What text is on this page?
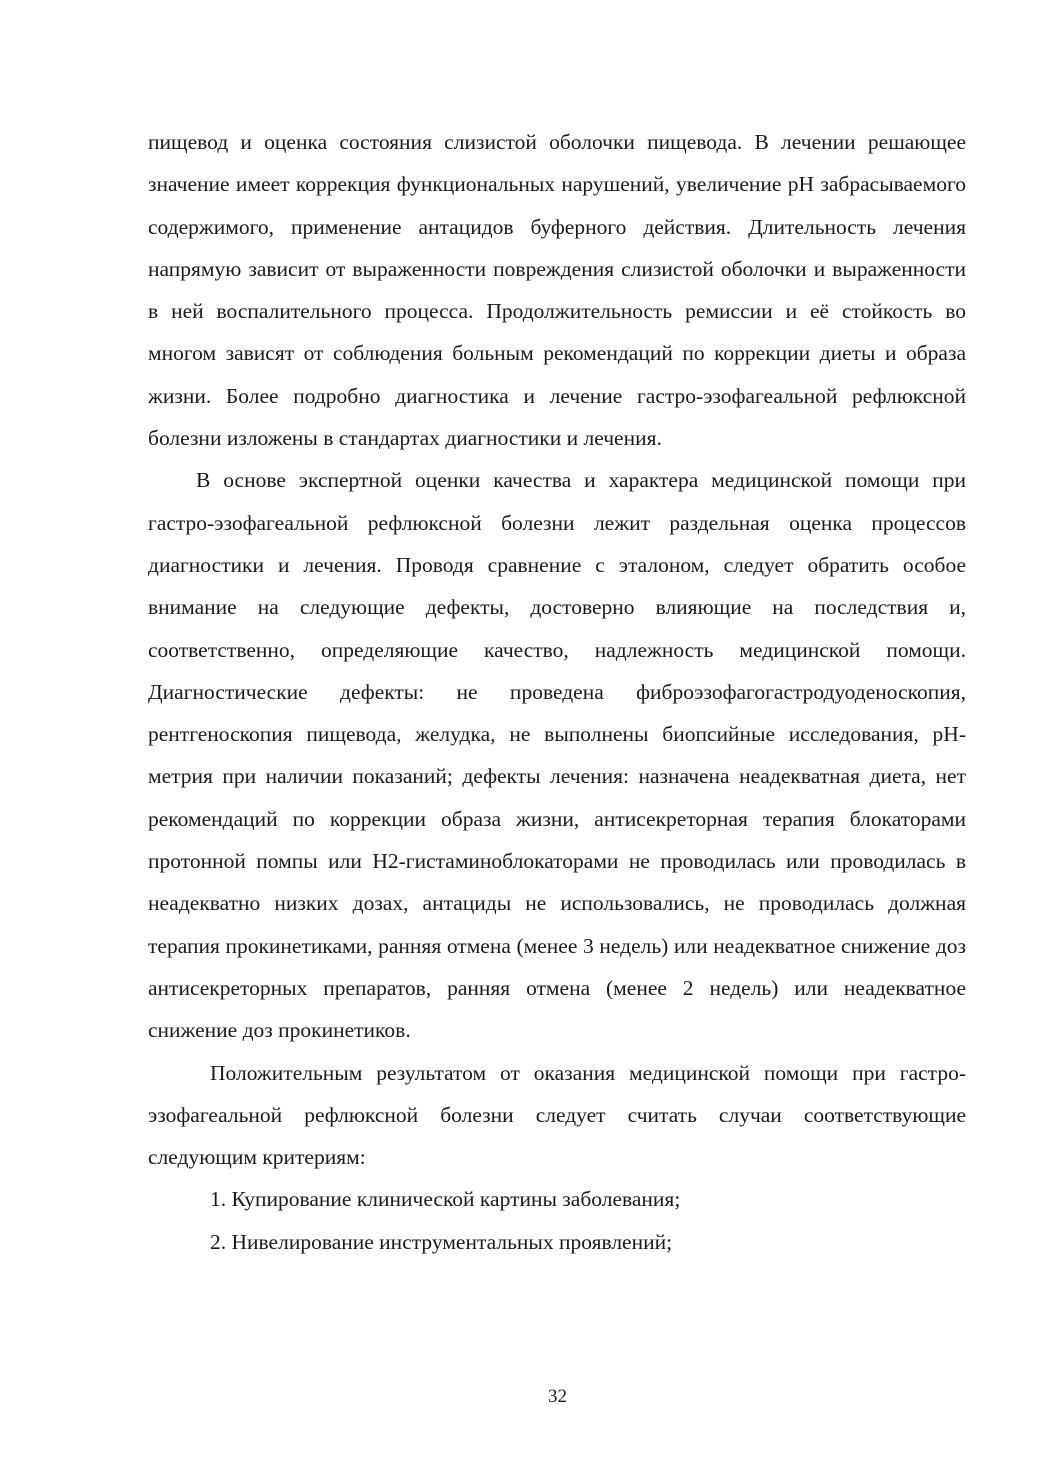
пищевод и оценка состояния слизистой оболочки пищевода. В лечении решающее значение имеет коррекция функциональных нарушений, увеличение рН забрасываемого содержимого, применение антацидов буферного действия. Длительность лечения напрямую зависит от выраженности повреждения слизистой оболочки и выраженности в ней воспалительного процесса. Продолжительность ремиссии и её стойкость во многом зависят от соблюдения больным рекомендаций по коррекции диеты и образа жизни. Более подробно диагностика и лечение гастро-эзофагеальной рефлюксной болезни изложены в стандартах диагностики и лечения.

В основе экспертной оценки качества и характера медицинской помощи при гастро-эзофагеальной рефлюксной болезни лежит раздельная оценка процессов диагностики и лечения. Проводя сравнение с эталоном, следует обратить особое внимание на следующие дефекты, достоверно влияющие на последствия и, соответственно, определяющие качество, надлежность медицинской помощи. Диагностические дефекты: не проведена фиброэзофагогастродуоденоскопия, рентгеноскопия пищевода, желудка, не выполнены биопсийные исследования, рН-метрия при наличии показаний; дефекты лечения: назначена неадекватная диета, нет рекомендаций по коррекции образа жизни, антисекреторная терапия блокаторами протонной помпы или Н2-гистаминоблокаторами не проводилась или проводилась в неадекватно низких дозах, антациды не использовались, не проводилась должная терапия прокинетиками, ранняя отмена (менее 3 недель) или неадекватное снижение доз антисекреторных препаратов, ранняя отмена (менее 2 недель) или неадекватное снижение доз прокинетиков.

Положительным результатом от оказания медицинской помощи при гастро-эзофагеальной рефлюксной болезни следует считать случаи соответствующие следующим критериям:

1. Купирование клинической картины заболевания;

2. Нивелирование инструментальных проявлений;

32
